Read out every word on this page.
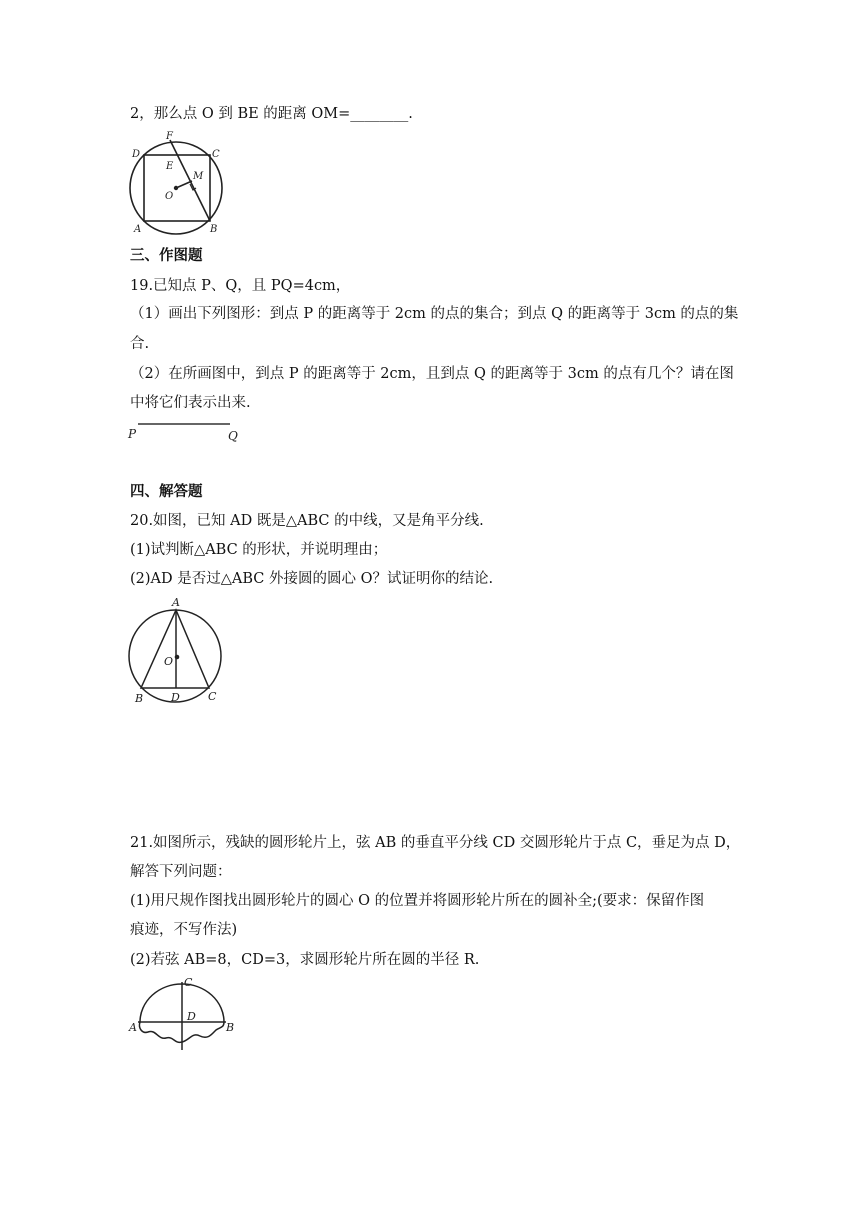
2，那么点 O 到 BE 的距离 OM=________.
F
D	C
E
M
O
A	B
三、作图题
19.已知点 P、Q，且 PQ=4cm，
（1）画出下列图形：到点 P 的距离等于 2cm 的点的集合；到点 Q 的距离等于 3cm 的点的集
合.
（2）在所画图中，到点 P 的距离等于 2cm，且到点 Q 的距离等于 3cm 的点有几个？请在图
中将它们表示出来.
P	Q
四、解答题
20.如图，已知 AD 既是△ABC 的中线，又是角平分线.
(1)试判断△ABC 的形状，并说明理由；
(2)AD 是否过△ABC 外接圆的圆心 O？试证明你的结论.
A
O
B	D	C
21.如图所示，残缺的圆形轮片上，弦 AB 的垂直平分线 CD 交圆形轮片于点 C，垂足为点 D，
解答下列问题：
(1)用尺规作图找出圆形轮片的圆心 O 的位置并将圆形轮片所在的圆补全;(要求：保留作图
痕迹，不写作法)
(2)若弦 AB=8，CD=3，求圆形轮片所在圆的半径 R.
C
D
A	B
